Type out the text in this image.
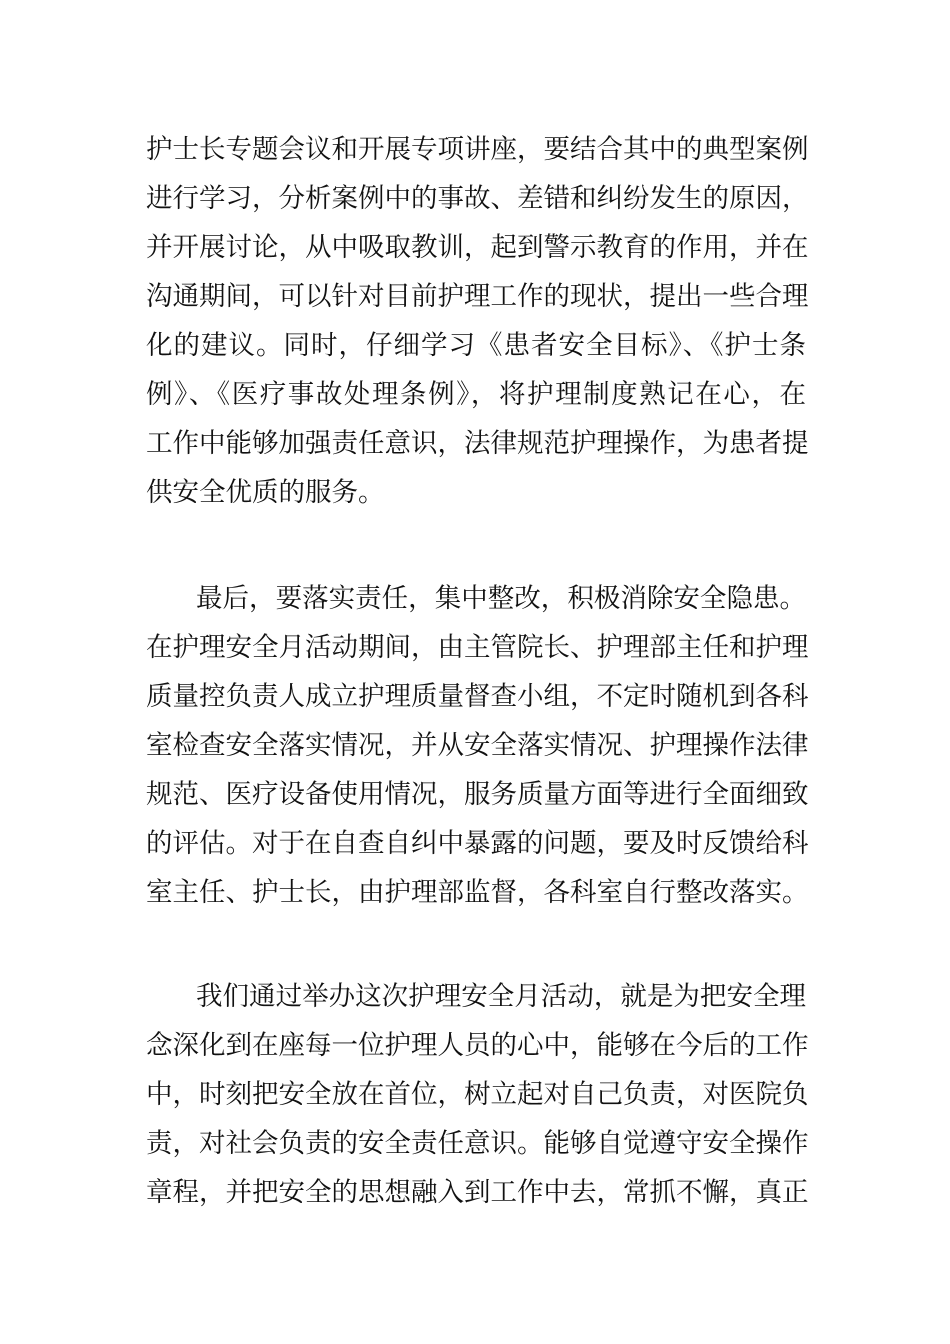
护士长专题会议和开展专项讲座，要结合其中的典型案例
进行学习，分析案例中的事故、差错和纠纷发生的原因，
并开展讨论，从中吸取教训，起到警示教育的作用，并在
沟通期间，可以针对目前护理工作的现状，提出一些合理
化的建议。同时，仔细学习《患者安全目标》、《护士条
例》、《医疗事故处理条例》，将护理制度熟记在心，在
工作中能够加强责任意识，法律规范护理操作，为患者提
供安全优质的服务。
最后，要落实责任，集中整改，积极消除安全隐患。
在护理安全月活动期间，由主管院长、护理部主任和护理
质量控负责人成立护理质量督查小组，不定时随机到各科
室检查安全落实情况，并从安全落实情况、护理操作法律
规范、医疗设备使用情况，服务质量方面等进行全面细致
的评估。对于在自查自纠中暴露的问题，要及时反馈给科
室主任、护士长，由护理部监督，各科室自行整改落实。
我们通过举办这次护理安全月活动，就是为把安全理
念深化到在座每一位护理人员的心中，能够在今后的工作
中，时刻把安全放在首位，树立起对自己负责，对医院负
责，对社会负责的安全责任意识。能够自觉遵守安全操作
章程，并把安全的思想融入到工作中去，常抓不懈，真正
